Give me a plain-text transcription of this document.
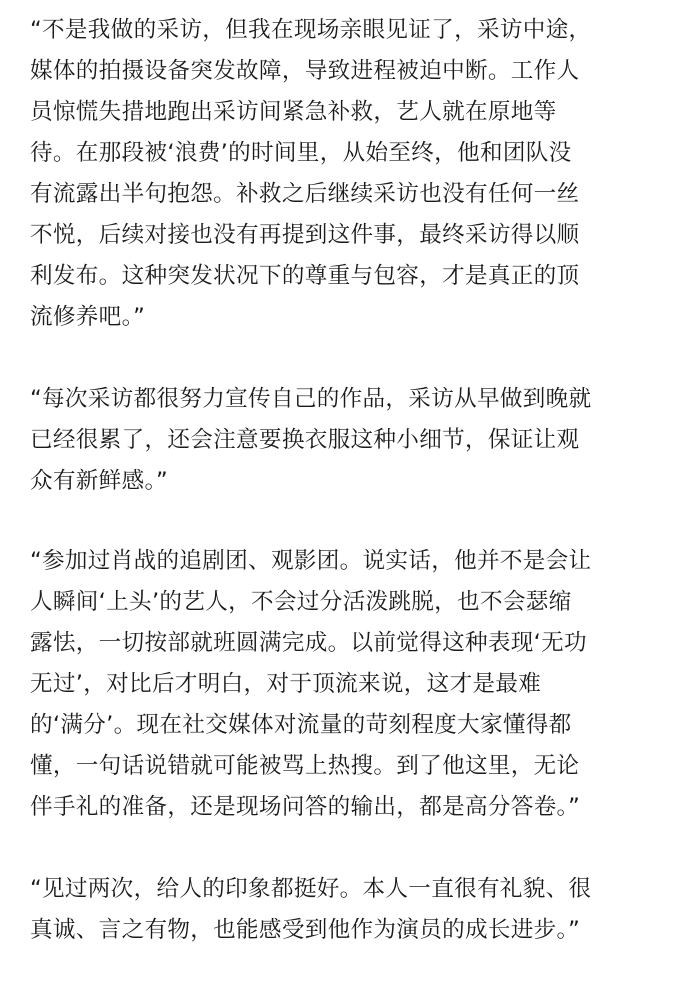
“不是我做的采访，但我在现场亲眼见证了，采访中途，
媒体的拍摄设备突发故障，导致进程被迫中断。工作人
员惊慌失措地跑出采访间紧急补救，艺人就在原地等
待。在那段被‘浪费’的时间里，从始至终，他和团队没
有流露出半句抱怨。补救之后继续采访也没有任何一丝
不悦，后续对接也没有再提到这件事，最终采访得以顺
利发布。这种突发状况下的尊重与包容，才是真正的顶
流修养吧。”
“每次采访都很努力宣传自己的作品，采访从早做到晚就
已经很累了，还会注意要换衣服这种小细节，保证让观
众有新鲜感。”
“参加过肖战的追剧团、观影团。说实话，他并不是会让
人瞬间‘上头’的艺人，不会过分活泼跳脱，也不会瑟缩
露怯，一切按部就班圆满完成。以前觉得这种表现‘无功
无过’，对比后才明白，对于顶流来说，这才是最难
的‘满分’。现在社交媒体对流量的苛刻程度大家懂得都
懂，一句话说错就可能被骂上热搜。到了他这里，无论
伴手礼的准备，还是现场问答的输出，都是高分答卷。”
“见过两次，给人的印象都挺好。本人一直很有礼貌、很
真诚、言之有物，也能感受到他作为演员的成长进步。”
